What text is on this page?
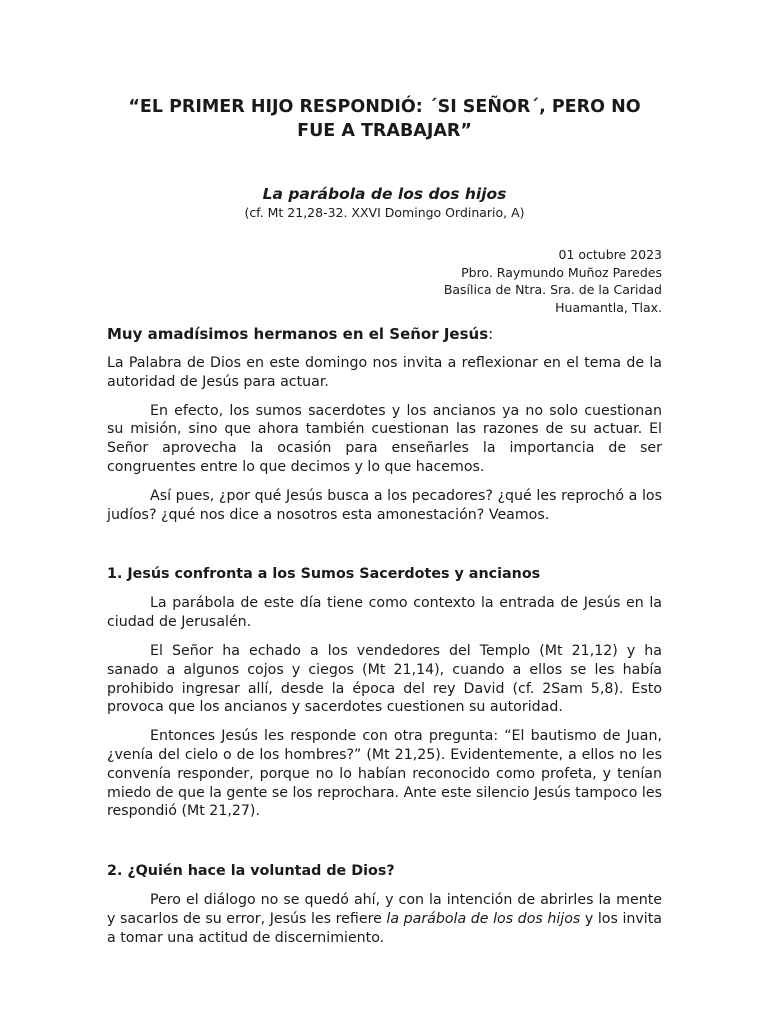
“EL PRIMER HIJO RESPONDIÓ: ´SI SEÑOR´, PERO NO
FUE A TRABAJAR”
La parábola de los dos hijos
(cf. Mt 21,28-32. XXVI Domingo Ordinario, A)
01 octubre 2023
Pbro. Raymundo Muñoz Paredes
Basílica de Ntra. Sra. de la Caridad
Huamantla, Tlax.
Muy amadísimos hermanos en el Señor Jesús:

La Palabra de Dios en este domingo nos invita a reflexionar en el tema de la autoridad de Jesús para actuar.

En efecto, los sumos sacerdotes y los ancianos ya no solo cuestionan su misión, sino que ahora también cuestionan las razones de su actuar. El Señor aprovecha la ocasión para enseñarles la importancia de ser congruentes entre lo que decimos y lo que hacemos.

Así pues, ¿por qué Jesús busca a los pecadores? ¿qué les reprochó a los judíos? ¿qué nos dice a nosotros esta amonestación? Veamos.

1. Jesús confronta a los Sumos Sacerdotes y ancianos

La parábola de este día tiene como contexto la entrada de Jesús en la ciudad de Jerusalén.

El Señor ha echado a los vendedores del Templo (Mt 21,12) y ha sanado a algunos cojos y ciegos (Mt 21,14), cuando a ellos se les había prohibido ingresar allí, desde la época del rey David (cf. 2Sam 5,8). Esto provoca que los ancianos y sacerdotes cuestionen su autoridad.

Entonces Jesús les responde con otra pregunta: “El bautismo de Juan, ¿venía del cielo o de los hombres?” (Mt 21,25). Evidentemente, a ellos no les convenía responder, porque no lo habían reconocido como profeta, y tenían miedo de que la gente se los reprochara. Ante este silencio Jesús tampoco les respondió (Mt 21,27).

2. ¿Quién hace la voluntad de Dios?

Pero el diálogo no se quedó ahí, y con la intención de abrirles la mente y sacarlos de su error, Jesús les refiere la parábola de los dos hijos y los invita a tomar una actitud de discernimiento.
